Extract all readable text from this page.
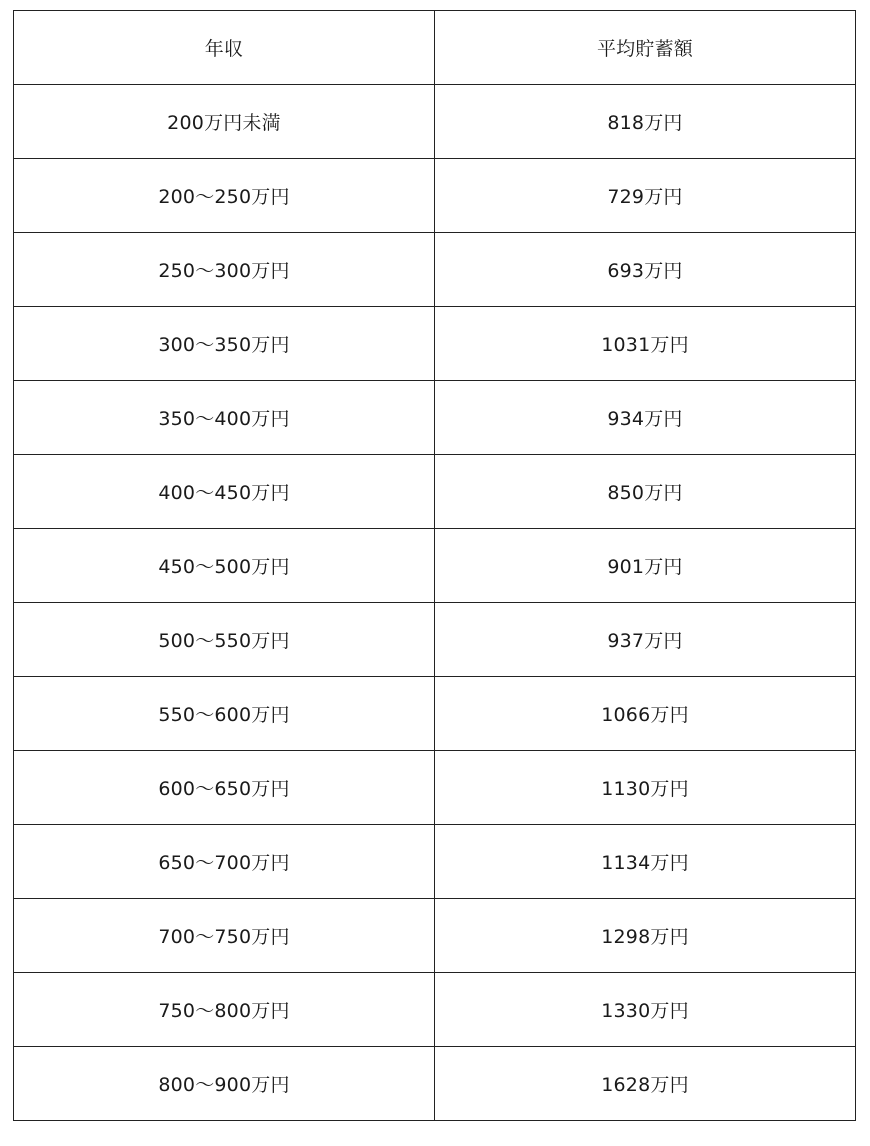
年収	平均貯蓄額
200万円未満	818万円
200〜250万円	729万円
250〜300万円	693万円
300〜350万円	1031万円
350〜400万円	934万円
400〜450万円	850万円
450〜500万円	901万円
500〜550万円	937万円
550〜600万円	1066万円
600〜650万円	1130万円
650〜700万円	1134万円
700〜750万円	1298万円
750〜800万円	1330万円
800〜900万円	1628万円
